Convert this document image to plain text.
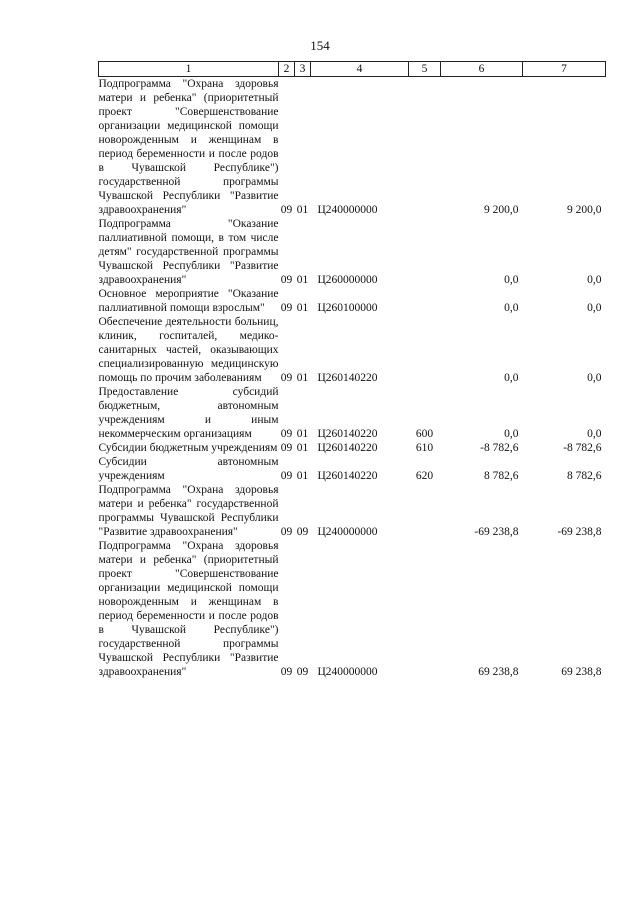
154
1	2	3	4	5	6	7
Подпрограмма "Охрана здоровья матери и ребенка" (приоритетный проект "Совершенствование организации медицинской помощи новорожденным и женщинам в период беременности и после родов в Чувашской Республике") государственной программы Чувашской Республики "Развитие здравоохранения"	09	01	Ц240000000		9 200,0	9 200,0
Подпрограмма "Оказание паллиативной помощи, в том числе детям" государственной программы Чувашской Республики "Развитие здравоохранения"	09	01	Ц260000000		0,0	0,0
Основное мероприятие "Оказание паллиативной помощи взрослым"	09	01	Ц260100000		0,0	0,0
Обеспечение деятельности больниц, клиник, госпиталей, медико-санитарных частей, оказывающих специализированную медицинскую помощь по прочим заболеваниям	09	01	Ц260140220		0,0	0,0
Предоставление субсидий бюджетным, автономным учреждениям и иным некоммерческим организациям	09	01	Ц260140220	600	0,0	0,0
Субсидии бюджетным учреждениям	09	01	Ц260140220	610	-8 782,6	-8 782,6
Субсидии автономным учреждениям	09	01	Ц260140220	620	8 782,6	8 782,6
Подпрограмма "Охрана здоровья матери и ребенка" государственной программы Чувашской Республики "Развитие здравоохранения"	09	09	Ц240000000		-69 238,8	-69 238,8
Подпрограмма "Охрана здоровья матери и ребенка" (приоритетный проект "Совершенствование организации медицинской помощи новорожденным и женщинам в период беременности и после родов в Чувашской Республике") государственной программы Чувашской Республики "Развитие здравоохранения"	09	09	Ц240000000		69 238,8	69 238,8
